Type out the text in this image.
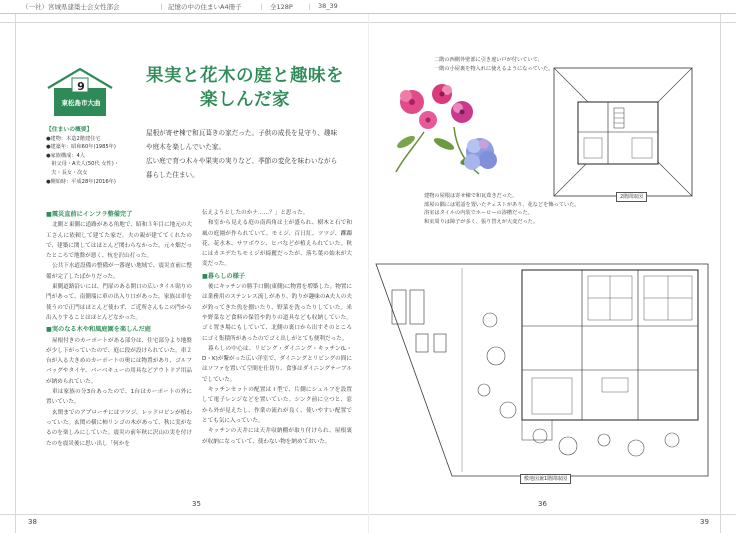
（一社）宮城県建築士会女性部会	｜ 記憶の中の住まいA4冊子	｜ 全128P ｜ 38_39
9
東松島市大曲
果実と花木の庭と趣味を
楽しんだ家
屋根が寄せ棟で和瓦葺きの家だった。子供の成長を見守り、趣味
や庭木を楽しんでいた家。
広い庭で育つ木々や果実の実りなど、季節の変化を味わいながら
暮らした住まい。
【住まいの概要】
●建物：木造2階建住宅
●建築年：昭和60年(1985年)
●家族構成：4人
　祖父母・A夫人(50代 女性)・
　夫・長女・次女
●開始時：平成28年(2016年)

■震災直前にインフラ整備完了

北側と東側に道路がある角地で、昭和３年目に地元の大工さんに依頼して建てた家だ。夫の親が建ててくれたので、建築に関してはほとんど関わらなかった。元々畑だったところで地盤が悪く、杭を沢山打った。

公共下水道設備の整備が一番遅い地域で、震災直前に整備が完了したばかりだった。

東側道路沿いには、門扉のある開口の広いタイル貼りの門があって、南側端に車の出入り口があった。家族は車を使うので正門はほとんど使わず、ご近所さんもこの門から出入りすることはほとんどなかった。

■実のなる木や和風庭園を楽しんだ庭

屋根付きのカーポートがある部分は、住宅部分より地盤が少し下がっていたので、庭に段が設けられていた。車２台が入る大きめのカーポートの奥には物置があり、ゴルフバッグやタイヤ、バーベキューの用具などアウトドア用品が納められていた。

車は家族の分3台あったので、1台はカーポートの外に置いていた。

玄関までのアプローチにはツツジ、レッドロビンが植わっていた。玄関の横に柿リンゴの木があって、秋に実がなるのを楽しみにしていた。震災の前年秋に沢山の実を付けたのを震災後に思い出し「何かを

伝えようとしたのかナ……？」と思った。

和室から見える庭の南西角は土が盛られ、樹木と石で和風の庭園が作られていて、モミジ、百日紅、ツツジ、躑躅花、花水木、サワボウシ、ヒバなどが植えられていた。秋にはカエデたちモミジが綺麗だったが、落ち葉の始末が大変だった。

■暮らしの様子

後にキッチンの勝手口側(東側)に物置を増築した。物置には業務用のステンレス流しがあり、釣りが趣味のA夫人の夫が釣ってきた魚を捌いたり、野菜を洗ったりしていた。米や野菜など食料の保管や釣りの道具なども収納していた。ゴミ置き場にもしていて、北側の裏口から出すそのところにゴミ集積所があったのでゴミ出しがとても便利だった。

暮らしの中心は、リビング・ダイニング・キッチン(L・D・K)が繋がった広い洋室で、ダイニングとリビングの間にはソファを置いて空間を仕切り、食事はダイニングテーブルでしていた。

キッチンセットの配置は I 型で、片側にシェルフを設置して電子レンジなどを置いていた。シンク前に立つと、窓から外が見えたし、作業の流れが良く、使いやすい配置でとても気に入っていた。

キッチンの天井には天井収納棚が取り付けられ、屋根裏が収納になっていて、使わない物を納めておいた。

二階の西側外壁部に引き違い戸が付いていて、
一階の小屋裏を物入れに使えるようになっていた。
2階間取図
建物の屋根は寄せ棟で和瓦葺きだった。
部屋の隅には電話を置いたチェストがあり、花などを飾っていた。
浴室はタイルの内装でホーローの浴槽だった。
和室周りは障子が多く、張り替えが大変だった。
敷地図兼1階間取図
38
35	36
39
